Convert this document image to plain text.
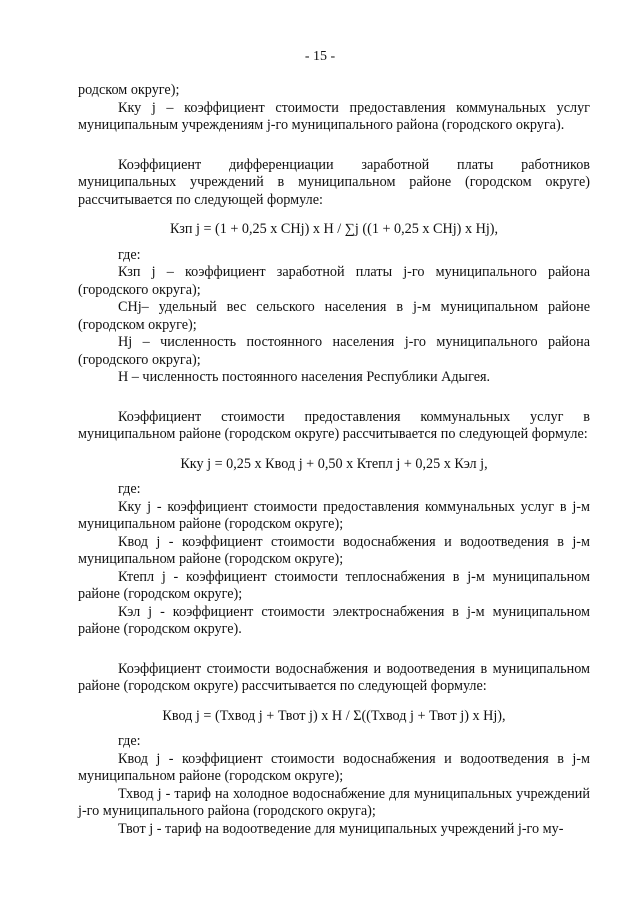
- 15 -

родском округе);

Кку j – коэффициент стоимости предоставления коммунальных услуг муниципальным учреждениям j-го муниципального района (городского округа).

Коэффициент дифференциации заработной платы работников муниципальных учреждений в муниципальном районе (городском округе) рассчитывается по следующей формуле:

Кзп j = (1 + 0,25 х CHj) х H / ∑j ((1 + 0,25 х CHj) х Hj),

где:

Кзп j – коэффициент заработной платы j-го муниципального района (городского округа);

CHj– удельный вес сельского населения в j-м муниципальном районе (городском округе);

Hj – численность постоянного населения j-го муниципального района (городского округа);

H – численность постоянного населения Республики Адыгея.

Коэффициент стоимости предоставления коммунальных услуг в муниципальном районе (городском округе) рассчитывается по следующей формуле:

Кку j = 0,25 х Квод j + 0,50 х Ктепл j + 0,25 х Кэл j,

где:

Кку j - коэффициент стоимости предоставления коммунальных услуг в j-м муниципальном районе (городском округе);

Квод j - коэффициент стоимости водоснабжения и водоотведения в j-м муниципальном районе (городском округе);

Ктепл j - коэффициент стоимости теплоснабжения в j-м муниципальном районе (городском округе);

Кэл j - коэффициент стоимости электроснабжения в j-м муниципальном районе (городском округе).

Коэффициент стоимости водоснабжения и водоотведения в муниципальном районе (городском округе) рассчитывается по следующей формуле:

Квод j = (Тхвод j + Твот j) х H / Σ((Тхвод j + Твот j) х Hj),

где:

Квод j - коэффициент стоимости водоснабжения и водоотведения в j-м муниципальном районе (городском округе);

Тхвод j - тариф на холодное водоснабжение для муниципальных учреждений j-го муниципального района (городского округа);

Твот j - тариф на водоотведение для муниципальных учреждений j-го му-
